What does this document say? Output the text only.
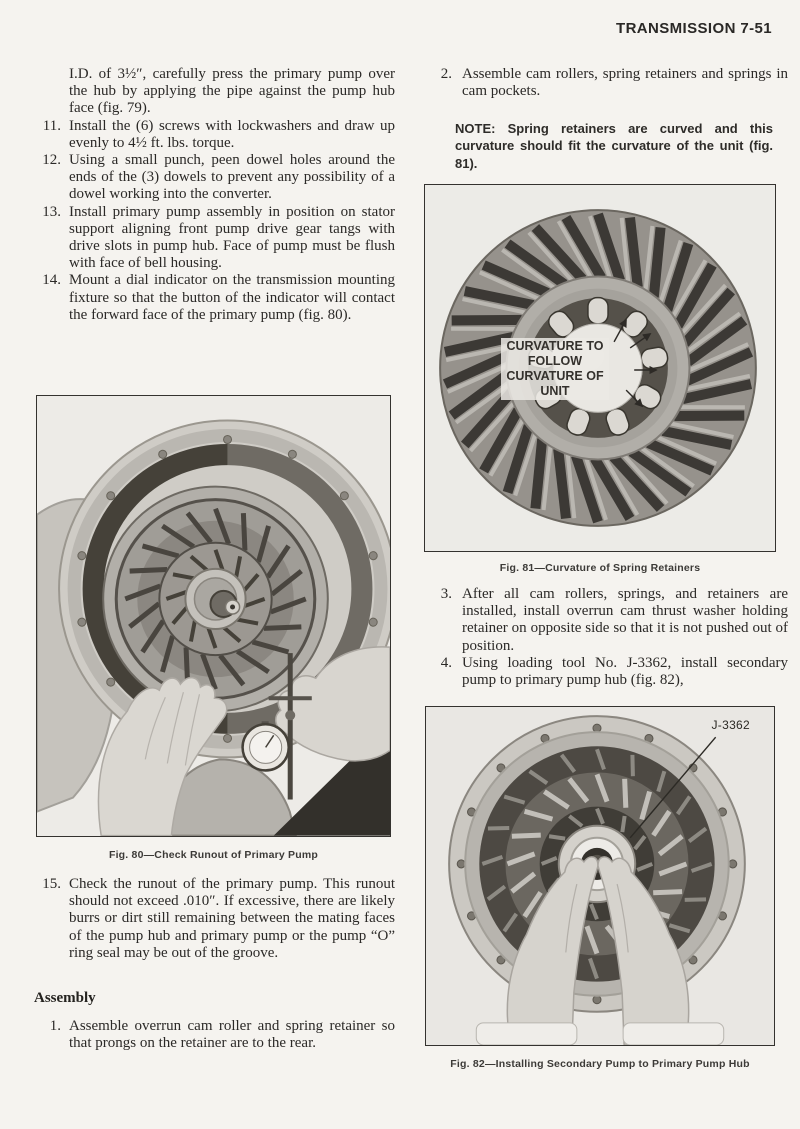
TRANSMISSION 7-51

I.D. of 3½″, carefully press the primary pump over the hub by applying the pipe against the pump hub face (fig. 79).

11. Install the (6) screws with lockwashers and draw up evenly to 4½ ft. lbs. torque.
12. Using a small punch, peen dowel holes around the ends of the (3) dowels to prevent any possibility of a dowel working into the converter.
13. Install primary pump assembly in position on stator support aligning front pump drive gear tangs with drive slots in pump hub. Face of pump must be flush with face of bell housing.
14. Mount a dial indicator on the transmission mounting fixture so that the button of the indicator will contact the forward face of the primary pump (fig. 80).
Fig. 80—Check Runout of Primary Pump
15. Check the runout of the primary pump. This runout should not exceed .010″. If excessive, there are likely burrs or dirt still remaining between the mating faces of the pump hub and primary pump or the pump “O” ring seal may be out of the groove.
Assembly
1. Assemble overrun cam roller and spring retainer so that prongs on the retainer are to the rear.
2. Assemble cam rollers, spring retainers and springs in cam pockets.
NOTE: Spring retainers are curved and this curvature should fit the curvature of the unit (fig. 81).
CURVATURE TO FOLLOW CURVATURE OF UNIT
Fig. 81—Curvature of Spring Retainers
3. After all cam rollers, springs, and retainers are installed, install overrun cam thrust washer holding retainer on opposite side so that it is not pushed out of position.
4. Using loading tool No. J-3362, install secondary pump to primary pump hub (fig. 82),
J-3362
Fig. 82—Installing Secondary Pump to Primary Pump Hub
